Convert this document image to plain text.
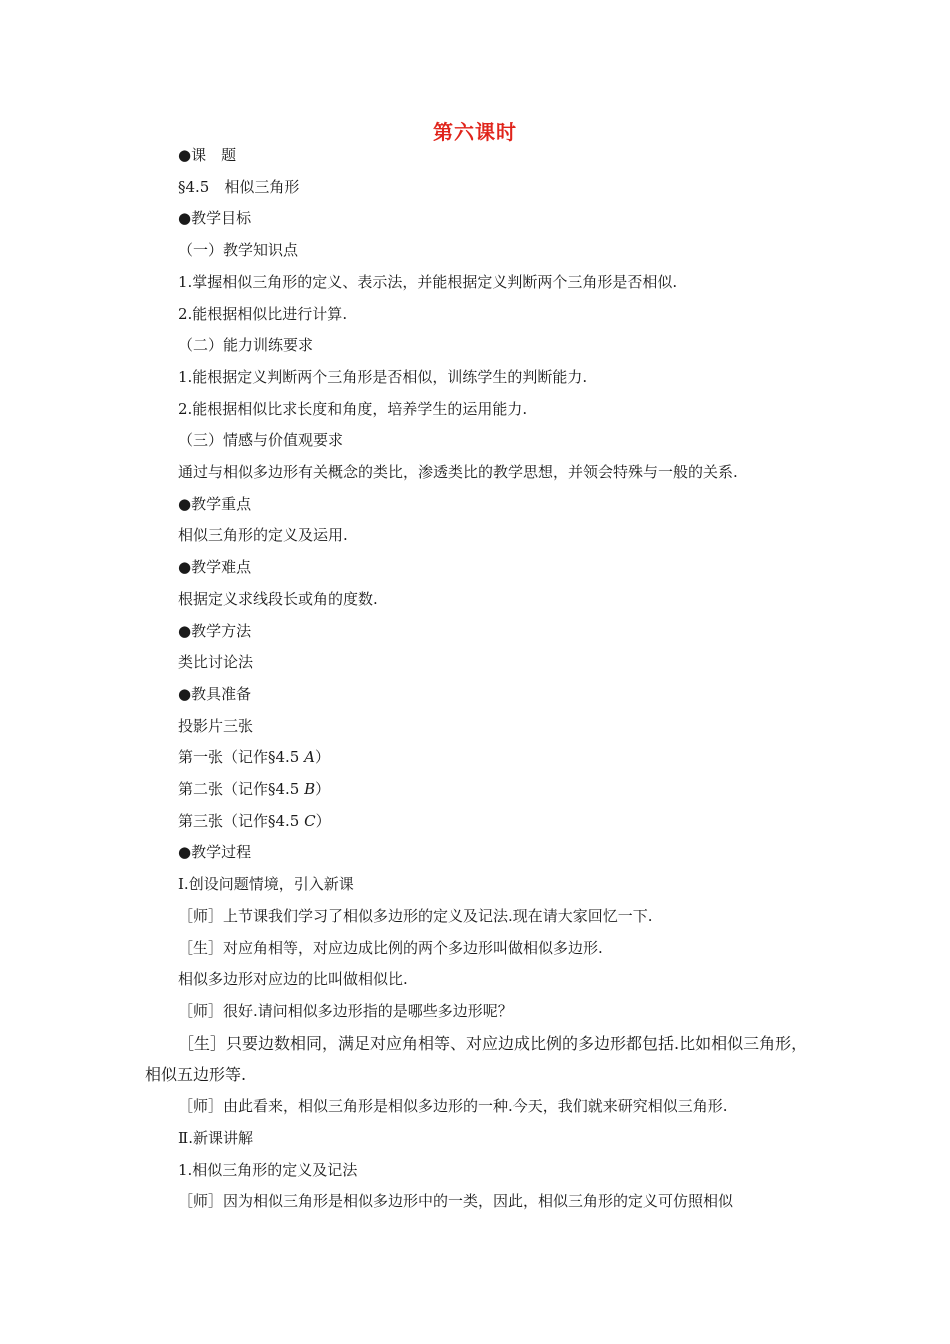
第六课时
●课　题
§4.5　相似三角形
●教学目标
（一）教学知识点
1.掌握相似三角形的定义、表示法，并能根据定义判断两个三角形是否相似.
2.能根据相似比进行计算.
（二）能力训练要求
1.能根据定义判断两个三角形是否相似，训练学生的判断能力.
2.能根据相似比求长度和角度，培养学生的运用能力.
（三）情感与价值观要求
通过与相似多边形有关概念的类比，渗透类比的教学思想，并领会特殊与一般的关系.
●教学重点
相似三角形的定义及运用.
●教学难点
根据定义求线段长或角的度数.
●教学方法
类比讨论法
●教具准备
投影片三张
第一张（记作§4.5 A）
第二张（记作§4.5 B）
第三张（记作§4.5 C）
●教学过程
Ⅰ.创设问题情境，引入新课
［师］上节课我们学习了相似多边形的定义及记法.现在请大家回忆一下.
［生］对应角相等，对应边成比例的两个多边形叫做相似多边形.
相似多边形对应边的比叫做相似比.
［师］很好.请问相似多边形指的是哪些多边形呢？
［生］只要边数相同，满足对应角相等、对应边成比例的多边形都包括.比如相似三角形，相似五边形等.
［师］由此看来，相似三角形是相似多边形的一种.今天，我们就来研究相似三角形.
Ⅱ.新课讲解
1.相似三角形的定义及记法
［师］因为相似三角形是相似多边形中的一类，因此，相似三角形的定义可仿照相似
